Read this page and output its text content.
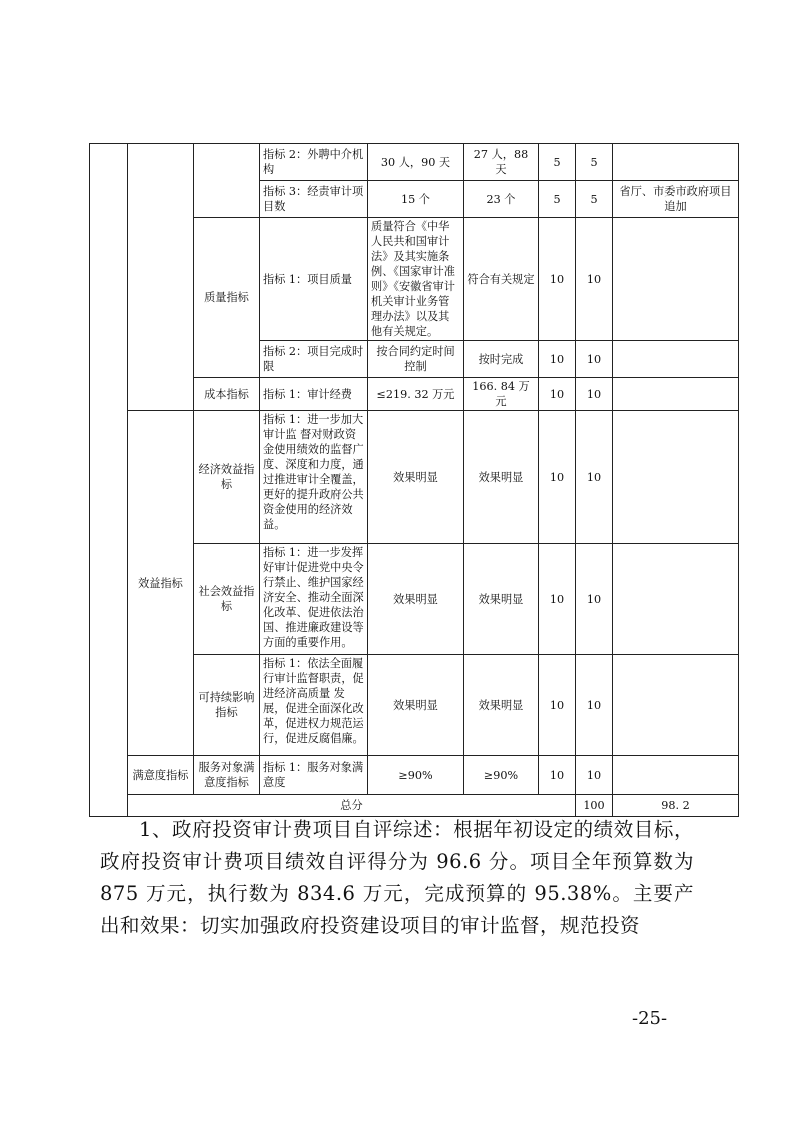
			指标 2：外聘中介机构	30 人，90 天	27 人，88 天	5	5		
			指标 3：经责审计项目数	15 个	23 个	5	5	省厅、市委市政府项目追加	
		质量指标	指标 1：项目质量	质量符合《中华人民共和国审计法》及其实施条例、《国家审计准则》《安徽省审计机关审计业务管理办法》以及其他有关规定。	符合有关规定	10	10		
			指标 2：项目完成时限	按合同约定时间控制	按时完成	10	10		
		成本指标	指标 1：审计经费	≤219. 32 万元	166. 84 万元	10	10		
	效益指标	经济效益指标	指标 1：进一步加大审计监 督对财政资金使用绩效的监督广度、深度和力度，通过推进审计全覆盖，更好的提升政府公共资金使用的经济效益。	效果明显	效果明显	10	10		
		社会效益指标	指标 1：进一步发挥好审计促进党中央令行禁止、维护国家经济安全、推动全面深化改革、促进依法治国、推进廉政建设等方面的重要作用。	效果明显	效果明显	10	10		
		可持续影响指标	指标 1：依法全面履行审计监督职责，促进经济高质量 发展，促进全面深化改革，促进权力规范运行，促进反腐倡廉。	效果明显	效果明显	10	10		
	满意度指标	服务对象满意度指标	指标 1：服务对象满意度	≥90%	≥90%	10	10		
	总分						100	98. 2	

1、政府投资审计费项目自评综述：根据年初设定的绩效目标，政府投资审计费项目绩效自评得分为 96.6 分。项目全年预算数为 875 万元，执行数为 834.6 万元，完成预算的 95.38%。主要产出和效果：切实加强政府投资建设项目的审计监督，规范投资

-25-
